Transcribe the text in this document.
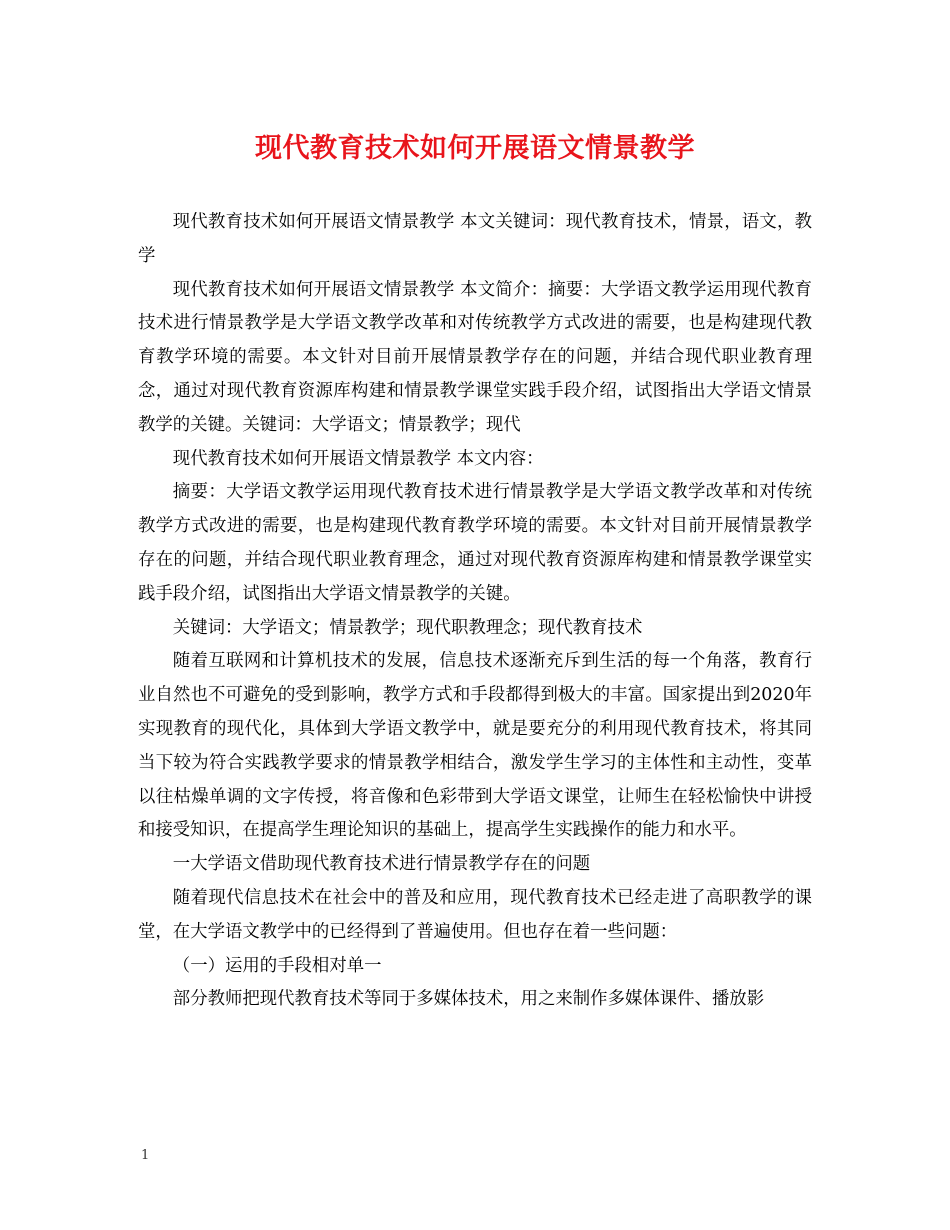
现代教育技术如何开展语文情景教学

现代教育技术如何开展语文情景教学 本文关键词：现代教育技术，情景，语文，教学

现代教育技术如何开展语文情景教学 本文简介：摘要：大学语文教学运用现代教育技术进行情景教学是大学语文教学改革和对传统教学方式改进的需要，也是构建现代教育教学环境的需要。本文针对目前开展情景教学存在的问题，并结合现代职业教育理念，通过对现代教育资源库构建和情景教学课堂实践手段介绍，试图指出大学语文情景教学的关键。关键词：大学语文；情景教学；现代

现代教育技术如何开展语文情景教学 本文内容：

摘要：大学语文教学运用现代教育技术进行情景教学是大学语文教学改革和对传统教学方式改进的需要，也是构建现代教育教学环境的需要。本文针对目前开展情景教学存在的问题，并结合现代职业教育理念，通过对现代教育资源库构建和情景教学课堂实践手段介绍，试图指出大学语文情景教学的关键。

关键词：大学语文；情景教学；现代职教理念；现代教育技术

随着互联网和计算机技术的发展，信息技术逐渐充斥到生活的每一个角落，教育行业自然也不可避免的受到影响，教学方式和手段都得到极大的丰富。国家提出到2020年实现教育的现代化，具体到大学语文教学中，就是要充分的利用现代教育技术，将其同当下较为符合实践教学要求的情景教学相结合，激发学生学习的主体性和主动性，变革以往枯燥单调的文字传授，将音像和色彩带到大学语文课堂，让师生在轻松愉快中讲授和接受知识，在提高学生理论知识的基础上，提高学生实践操作的能力和水平。

一大学语文借助现代教育技术进行情景教学存在的问题

随着现代信息技术在社会中的普及和应用，现代教育技术已经走进了高职教学的课堂，在大学语文教学中的已经得到了普遍使用。但也存在着一些问题：

（一）运用的手段相对单一

部分教师把现代教育技术等同于多媒体技术，用之来制作多媒体课件、播放影

1
